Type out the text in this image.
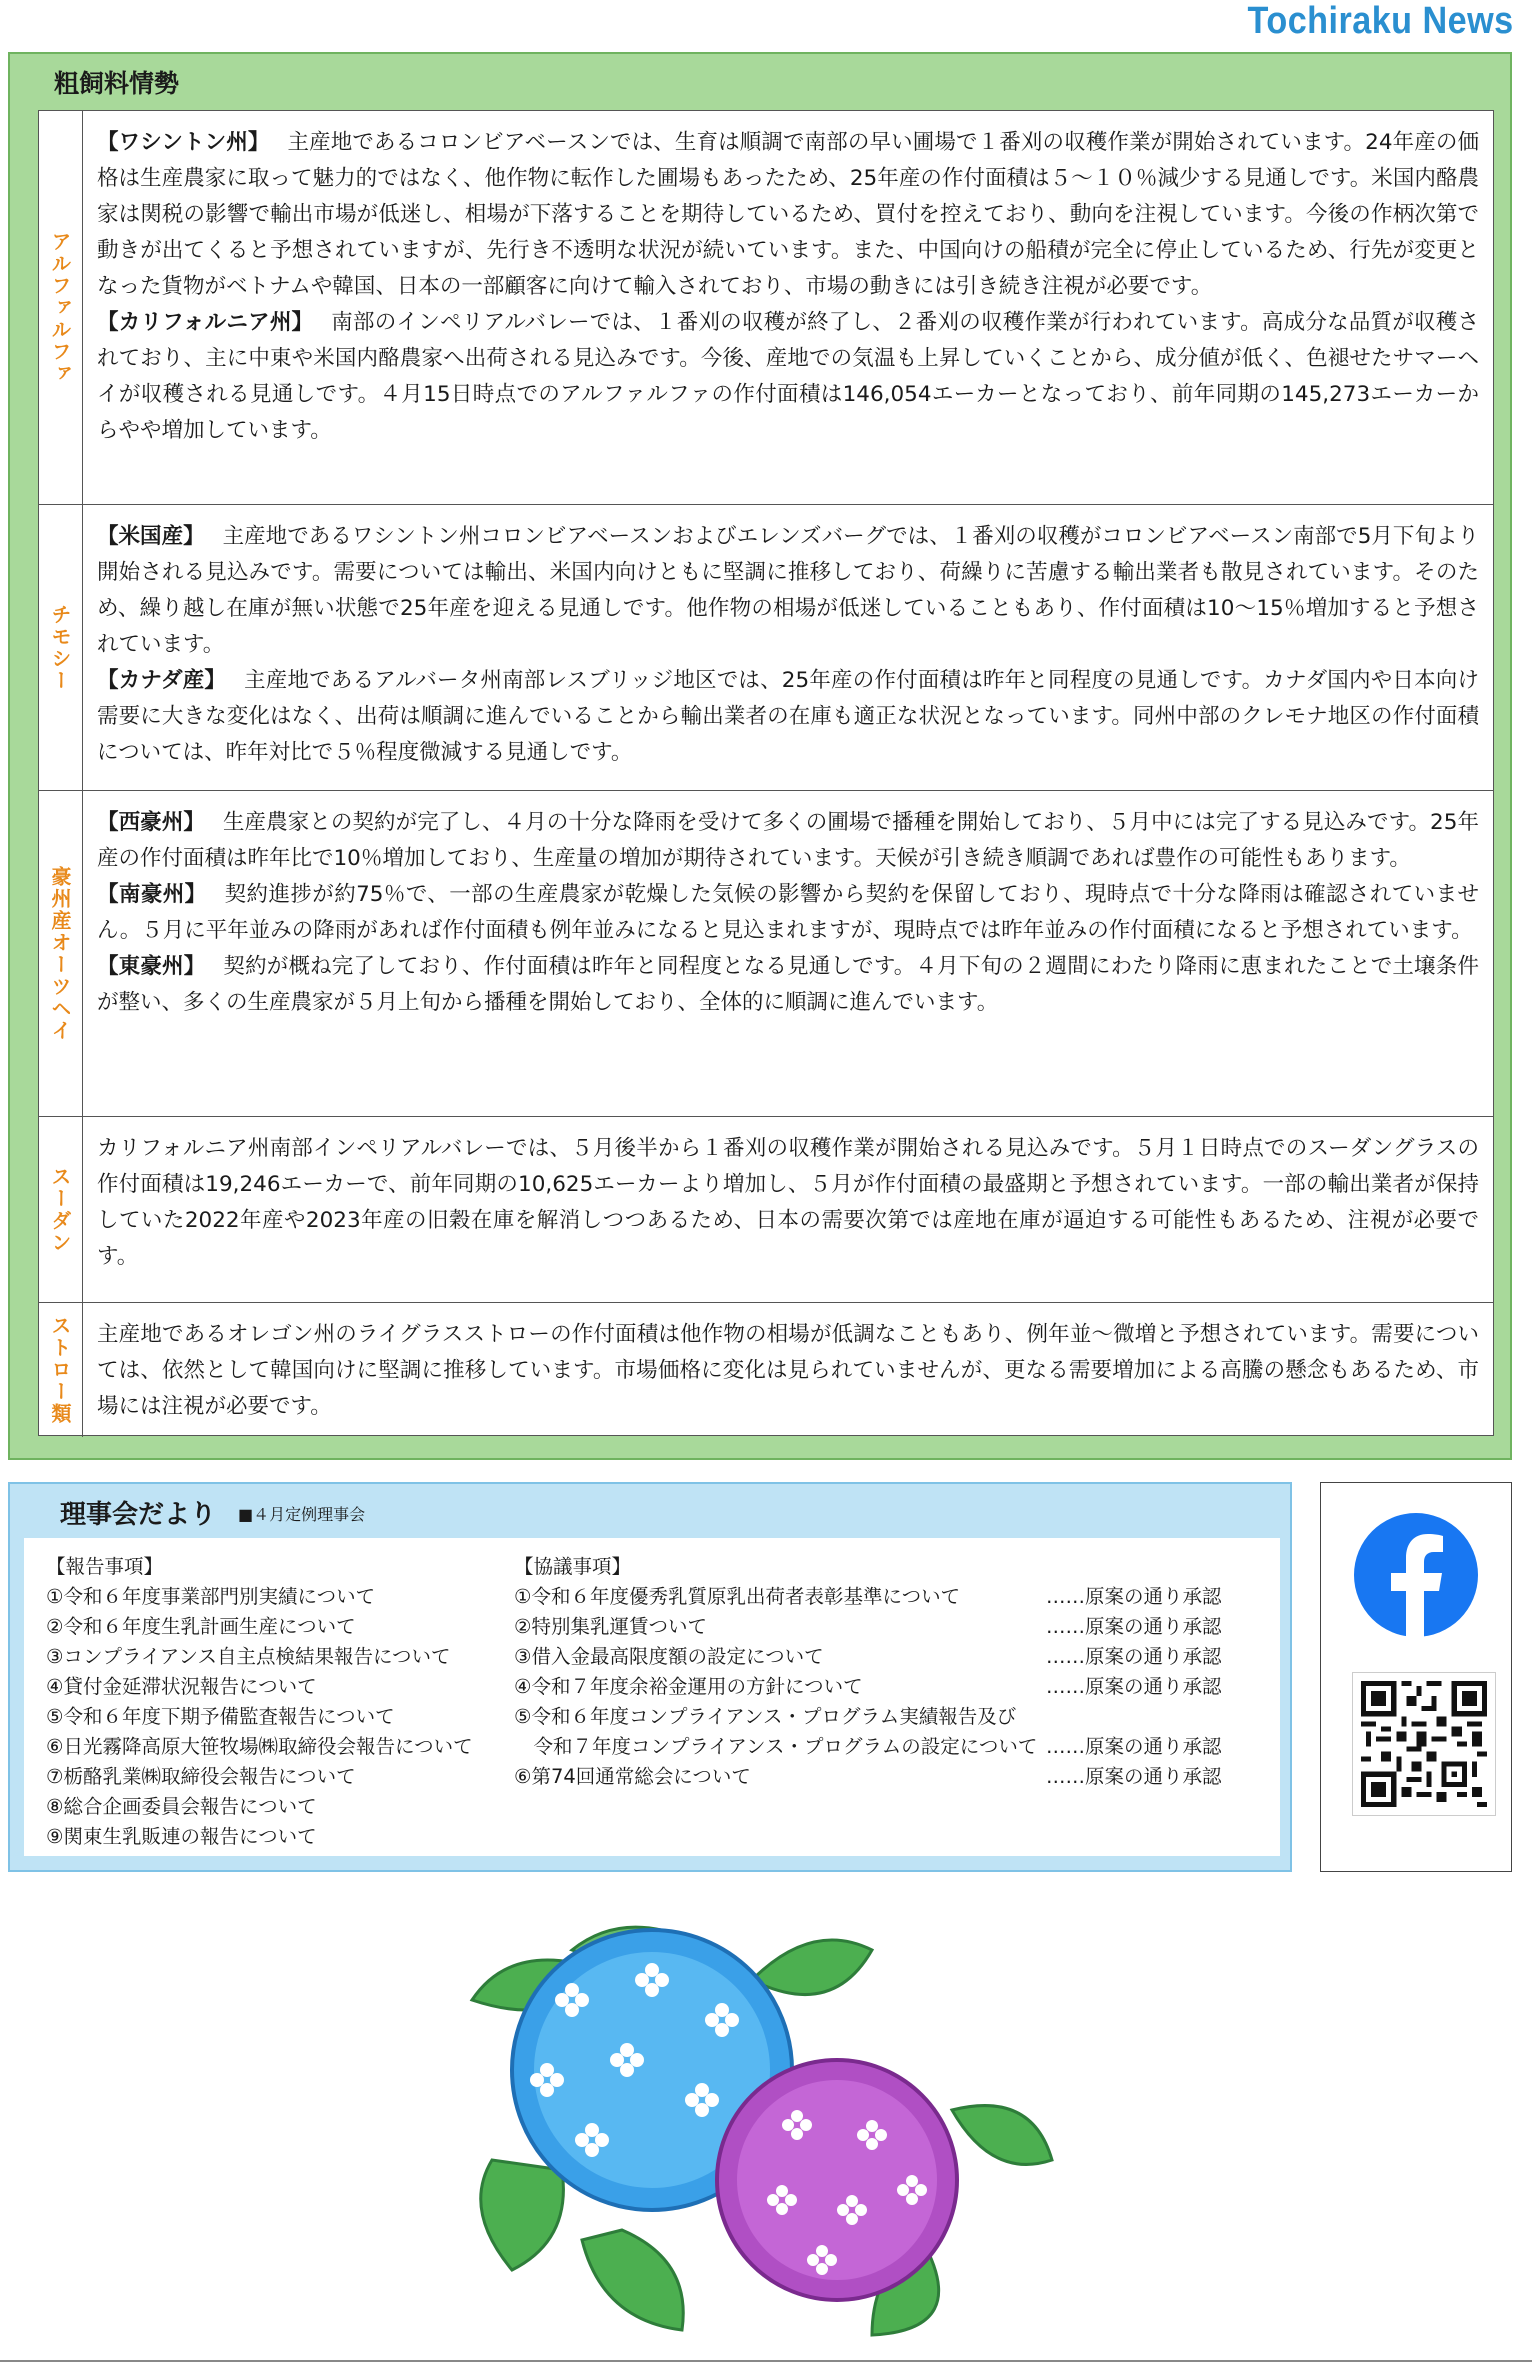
Tochiraku News
粗飼料情勢
アルファルファ

【ワシントン州】 主産地であるコロンビアベースンでは、生育は順調で南部の早い圃場で１番刈の収穫作業が開始されています。24年産の価格は生産農家に取って魅力的ではなく、他作物に転作した圃場もあったため、25年産の作付面積は５～１０％減少する見通しです。米国内酪農家は関税の影響で輸出市場が低迷し、相場が下落することを期待しているため、買付を控えており、動向を注視しています。今後の作柄次第で動きが出てくると予想されていますが、先行き不透明な状況が続いています。また、中国向けの船積が完全に停止しているため、行先が変更となった貨物がベトナムや韓国、日本の一部顧客に向けて輸入されており、市場の動きには引き続き注視が必要です。

【カリフォルニア州】 南部のインペリアルバレーでは、１番刈の収穫が終了し、２番刈の収穫作業が行われています。高成分な品質が収穫されており、主に中東や米国内酪農家へ出荷される見込みです。今後、産地での気温も上昇していくことから、成分値が低く、色褪せたサマーヘイが収穫される見通しです。４月15日時点でのアルファルファの作付面積は146,054エーカーとなっており、前年同期の145,273エーカーからやや増加しています。

チモシー

【米国産】 主産地であるワシントン州コロンビアベースンおよびエレンズバーグでは、１番刈の収穫がコロンビアベースン南部で5月下旬より開始される見込みです。需要については輸出、米国内向けともに堅調に推移しており、荷繰りに苦慮する輸出業者も散見されています。そのため、繰り越し在庫が無い状態で25年産を迎える見通しです。他作物の相場が低迷していることもあり、作付面積は10～15％増加すると予想されています。

【カナダ産】 主産地であるアルバータ州南部レスブリッジ地区では、25年産の作付面積は昨年と同程度の見通しです。カナダ国内や日本向け需要に大きな変化はなく、出荷は順調に進んでいることから輸出業者の在庫も適正な状況となっています。同州中部のクレモナ地区の作付面積については、昨年対比で５％程度微減する見通しです。

豪州産オーツヘイ

【西豪州】 生産農家との契約が完了し、４月の十分な降雨を受けて多くの圃場で播種を開始しており、５月中には完了する見込みです。25年産の作付面積は昨年比で10％増加しており、生産量の増加が期待されています。天候が引き続き順調であれば豊作の可能性もあります。

【南豪州】 契約進捗が約75％で、一部の生産農家が乾燥した気候の影響から契約を保留しており、現時点で十分な降雨は確認されていません。５月に平年並みの降雨があれば作付面積も例年並みになると見込まれますが、現時点では昨年並みの作付面積になると予想されています。

【東豪州】 契約が概ね完了しており、作付面積は昨年と同程度となる見通しです。４月下旬の２週間にわたり降雨に恵まれたことで土壌条件が整い、多くの生産農家が５月上旬から播種を開始しており、全体的に順調に進んでいます。

スーダン

カリフォルニア州南部インペリアルバレーでは、５月後半から１番刈の収穫作業が開始される見込みです。５月１日時点でのスーダングラスの作付面積は19,246エーカーで、前年同期の10,625エーカーより増加し、５月が作付面積の最盛期と予想されています。一部の輸出業者が保持していた2022年産や2023年産の旧穀在庫を解消しつつあるため、日本の需要次第では産地在庫が逼迫する可能性もあるため、注視が必要です。

ストロー類 主産地であるオレゴン州のライグラスストローの作付面積は他作物の相場が低調なこともあり、例年並～微増と予想されています。需要については、依然として韓国向けに堅調に推移しています。市場価格に変化は見られていませんが、更なる需要増加による高騰の懸念もあるため、市場には注視が必要です。

理事会だより ■４月定例理事会
【報告事項】
①令和６年度事業部門別実績について
②令和６年度生乳計画生産について
③コンプライアンス自主点検結果報告について
④貸付金延滞状況報告について
⑤令和６年度下期予備監査報告について
⑥日光霧降高原大笹牧場㈱取締役会報告について
⑦栃酪乳業㈱取締役会報告について
⑧総合企画委員会報告について
⑨関東生乳販連の報告について
【協議事項】
①令和６年度優秀乳質原乳出荷者表彰基準について
②特別集乳運賃ついて
③借入金最高限度額の設定について
④令和７年度余裕金運用の方針について
⑤令和６年度コンプライアンス・プログラム実績報告及び
　令和７年度コンプライアンス・プログラムの設定について
⑥第74回通常総会について

……原案の通り承認
……原案の通り承認
……原案の通り承認
……原案の通り承認

……原案の通り承認
……原案の通り承認
